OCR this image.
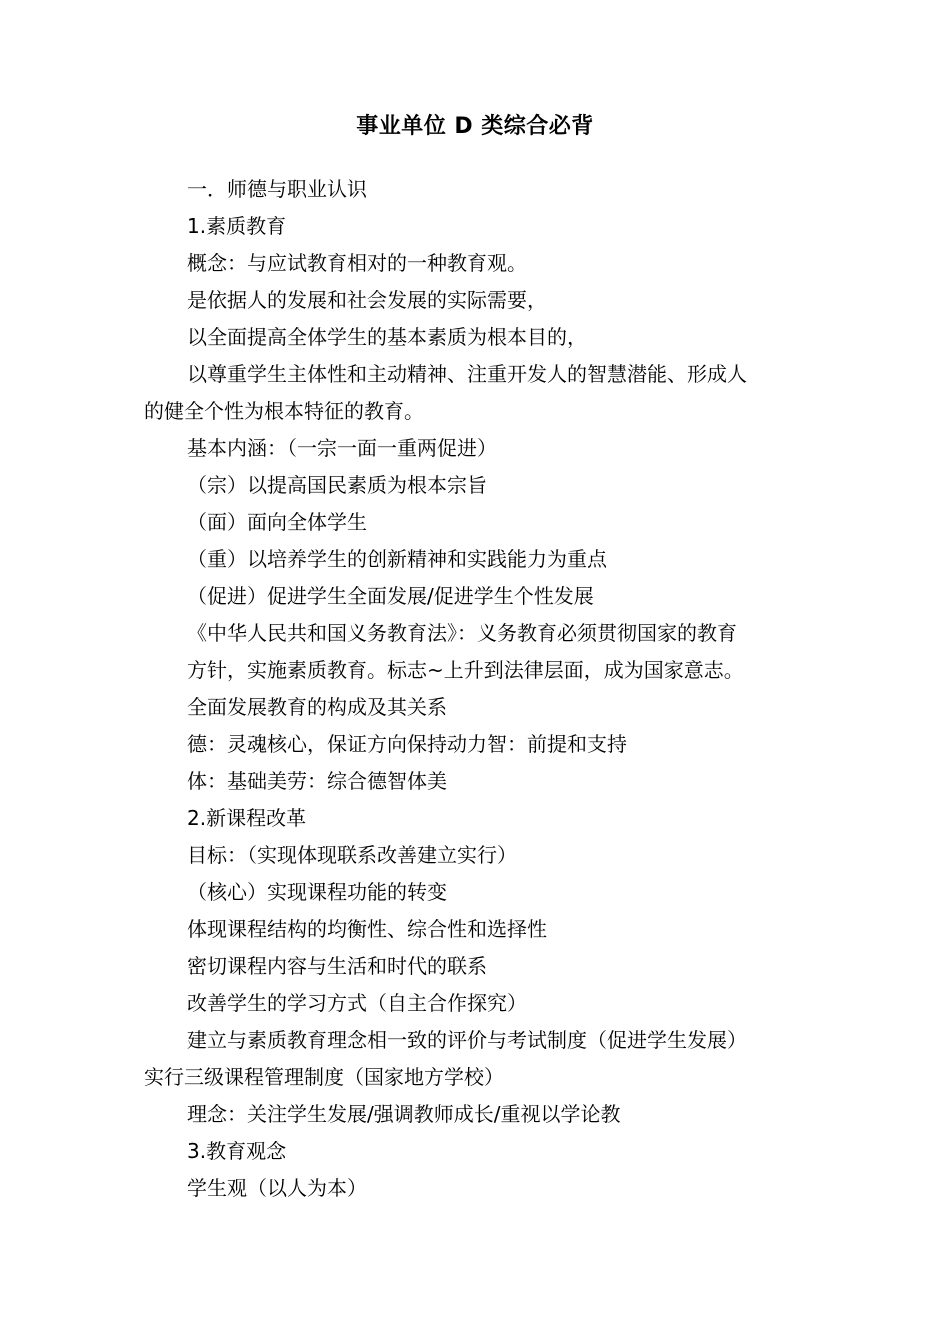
事业单位 D 类综合必背
一．师德与职业认识
1.素质教育
概念：与应试教育相对的一种教育观。
是依据人的发展和社会发展的实际需要，
以全面提高全体学生的基本素质为根本目的，
以尊重学生主体性和主动精神、注重开发人的智慧潜能、形成人
的健全个性为根本特征的教育。
基本内涵：（一宗一面一重两促进）
（宗）以提高国民素质为根本宗旨
（面）面向全体学生
（重）以培养学生的创新精神和实践能力为重点
（促进）促进学生全面发展/促进学生个性发展
《中华人民共和国义务教育法》：义务教育必须贯彻国家的教育
方针，实施素质教育。标志~上升到法律层面，成为国家意志。
全面发展教育的构成及其关系
德：灵魂核心，保证方向保持动力智：前提和支持
体：基础美劳：综合德智体美
2.新课程改革
目标：（实现体现联系改善建立实行）
（核心）实现课程功能的转变
体现课程结构的均衡性、综合性和选择性
密切课程内容与生活和时代的联系
改善学生的学习方式（自主合作探究）
建立与素质教育理念相一致的评价与考试制度（促进学生发展）
实行三级课程管理制度（国家地方学校）
理念：关注学生发展/强调教师成长/重视以学论教
3.教育观念
学生观（以人为本）
